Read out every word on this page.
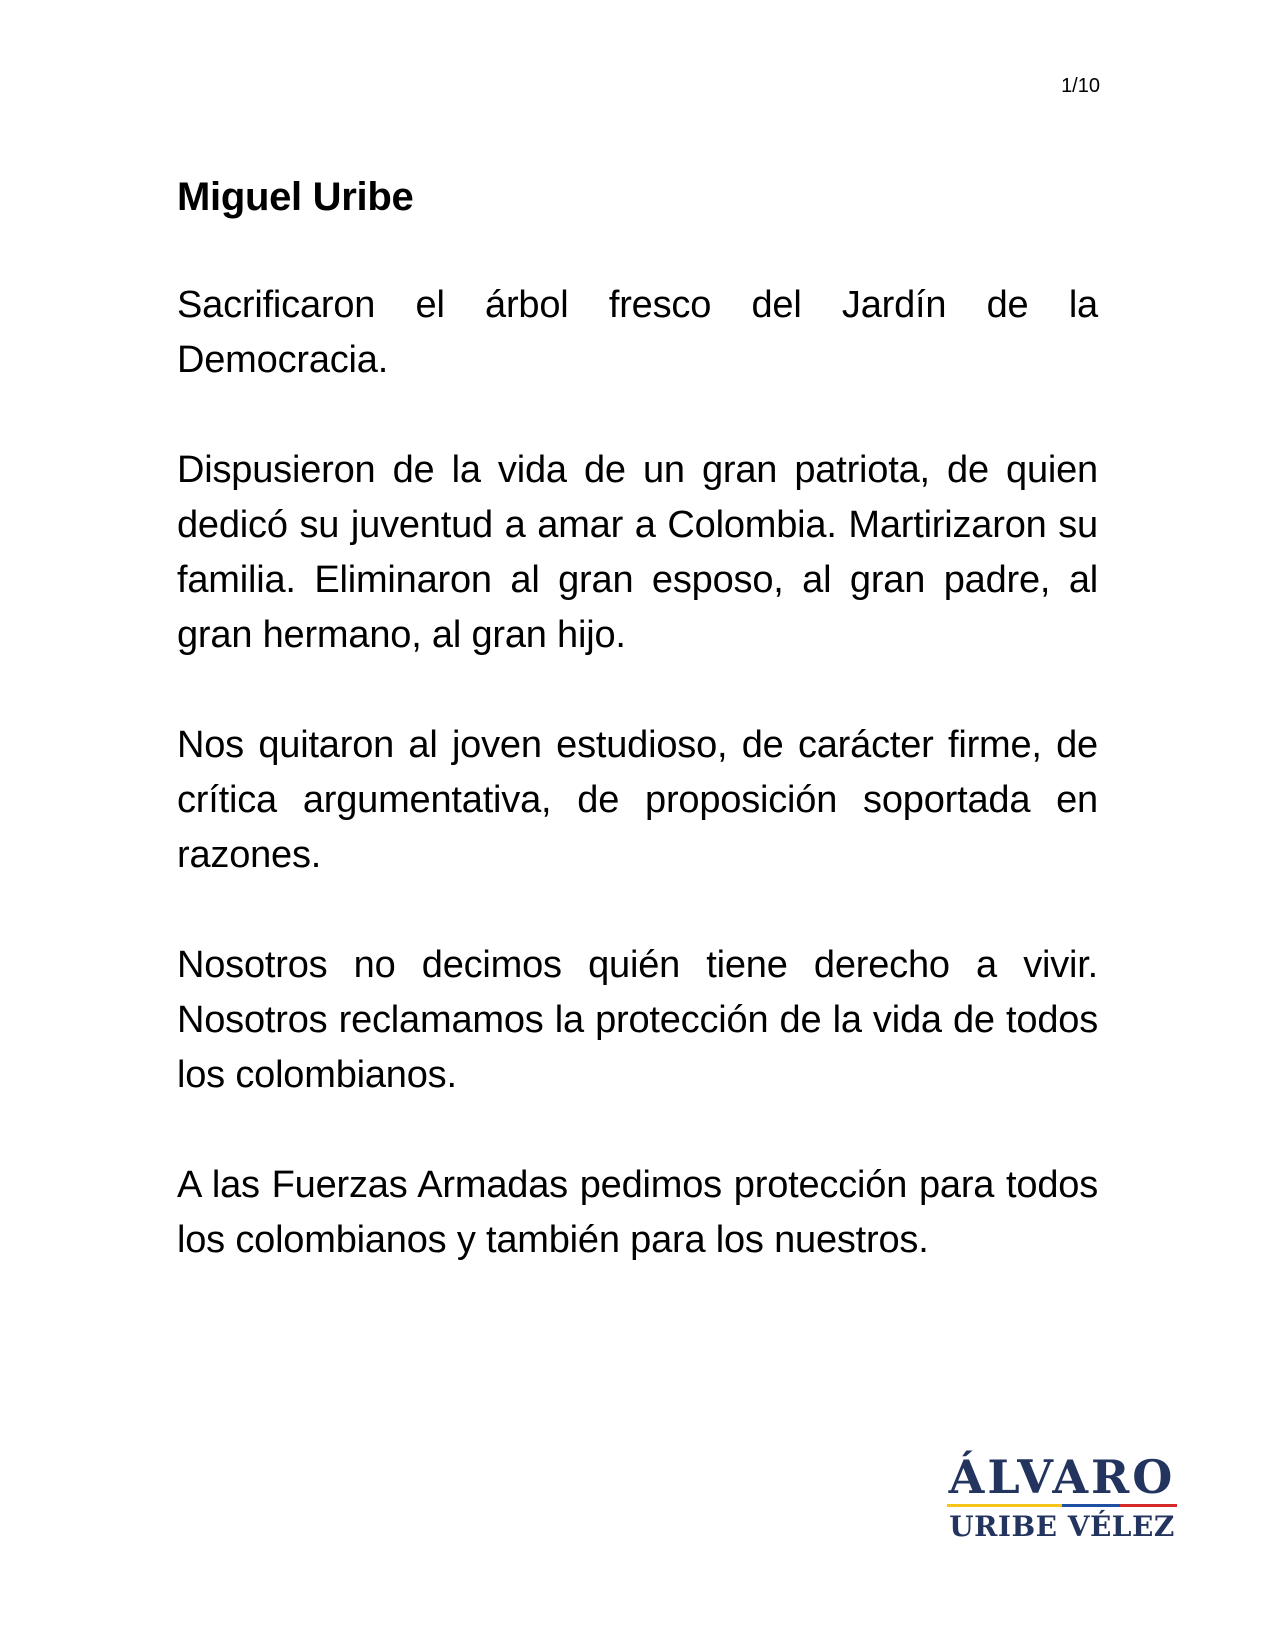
1/10
Miguel Uribe

Sacrificaron el árbol fresco del Jardín de la Democracia.

Dispusieron de la vida de un gran patriota, de quien dedicó su juventud a amar a Colombia. Martirizaron su familia. Eliminaron al gran esposo, al gran padre, al gran hermano, al gran hijo.

Nos quitaron al joven estudioso, de carácter firme, de crítica argumentativa, de proposición soportada en razones.

Nosotros no decimos quién tiene derecho a vivir. Nosotros reclamamos la protección de la vida de todos los colombianos.

A las Fuerzas Armadas pedimos protección para todos los colombianos y también para los nuestros.

ÁLVARO
URIBE VÉLEZ
